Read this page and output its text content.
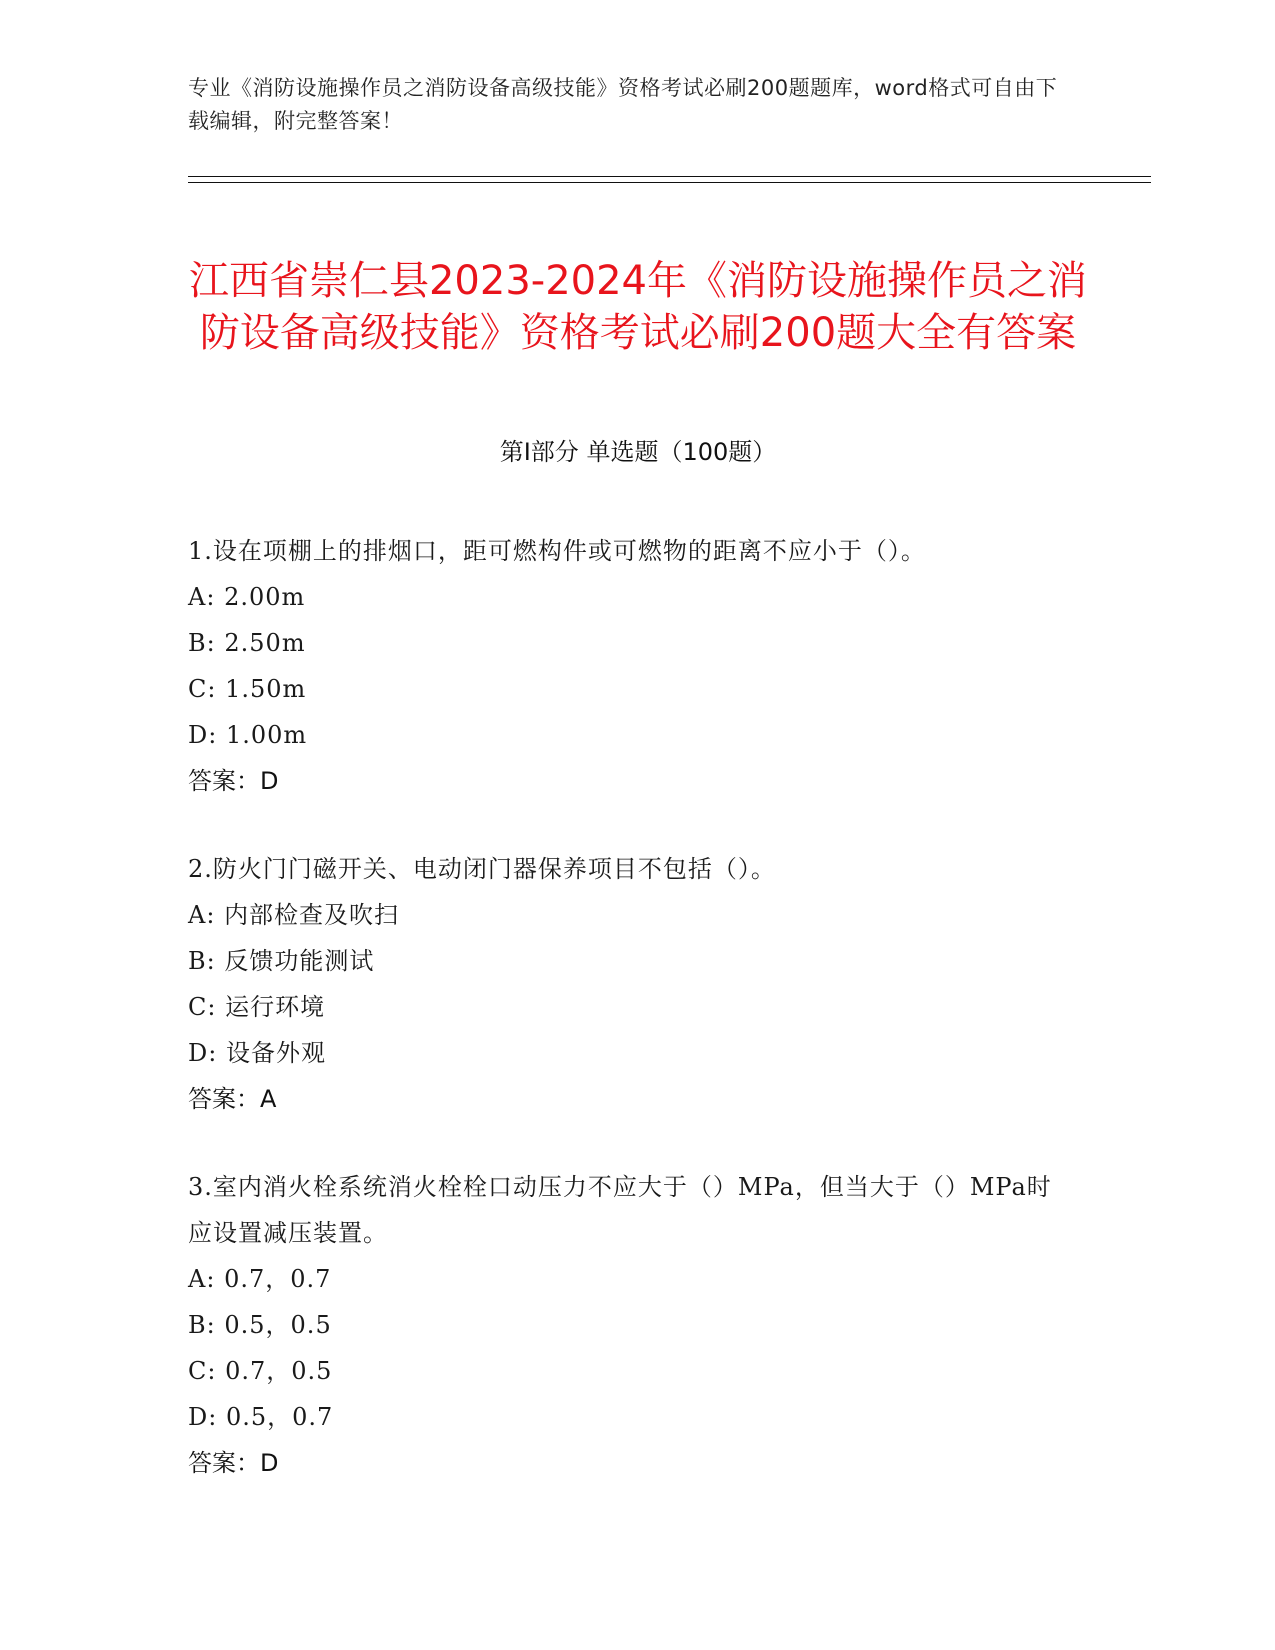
专业《消防设施操作员之消防设备高级技能》资格考试必刷200题题库，word格式可自由下载编辑，附完整答案！
江西省崇仁县2023-2024年《消防设施操作员之消防设备高级技能》资格考试必刷200题大全有答案
第Ⅰ部分 单选题（100题）

1.设在项棚上的排烟口，距可燃构件或可燃物的距离不应小于（）。

A:
2.00m

B:
2.50m

C:
1.50m

D:
1.00m

答案：D

2.防火门门磁开关、电动闭门器保养项目不包括（）。

A:
内部检查及吹扫

B:
反馈功能测试

C:
运行环境

D:
设备外观

答案：A

3.室内消火栓系统消火栓栓口动压力不应大于（）MPa，但当大于（）MPa时应设置减压装置。

A:
0.7，0.7

B:
0.5，0.5

C:
0.7，0.5

D:
0.5，0.7

答案：D
